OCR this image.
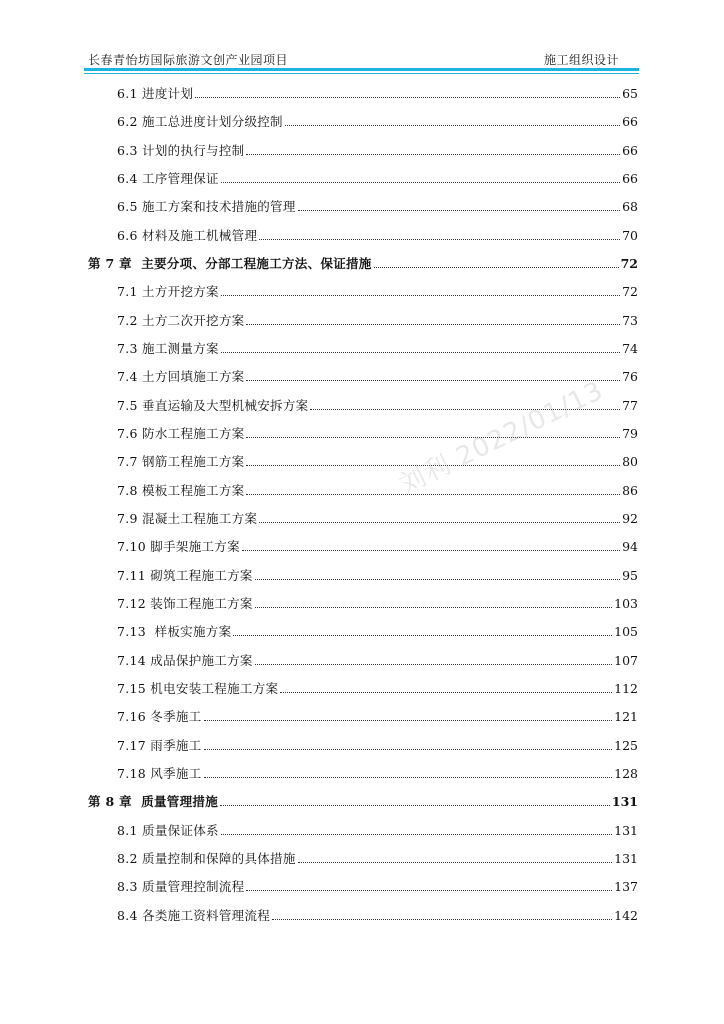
长春青怡坊国际旅游文创产业园项目	施工组织设计
6.1 进度计划	65
6.2 施工总进度计划分级控制	66
6.3 计划的执行与控制	66
6.4 工序管理保证	66
6.5 施工方案和技术措施的管理	68
6.6 材料及施工机械管理	70
第 7 章  主要分项、分部工程施工方法、保证措施	72
7.1 土方开挖方案	72
7.2 土方二次开挖方案	73
7.3 施工测量方案	74
7.4 土方回填施工方案	76
7.5 垂直运输及大型机械安拆方案	77
7.6 防水工程施工方案	79
7.7 钢筋工程施工方案	80
7.8 模板工程施工方案	86
7.9 混凝土工程施工方案	92
7.10 脚手架施工方案	94
7.11 砌筑工程施工方案	95
7.12 装饰工程施工方案	103
7.13  样板实施方案	105
7.14 成品保护施工方案	107
7.15 机电安装工程施工方案	112
7.16 冬季施工	121
7.17 雨季施工	125
7.18 风季施工	128
第 8 章  质量管理措施	131
8.1 质量保证体系	131
8.2 质量控制和保障的具体措施	131
8.3 质量管理控制流程	137
8.4 各类施工资料管理流程	142
刘利 2022/01/13
